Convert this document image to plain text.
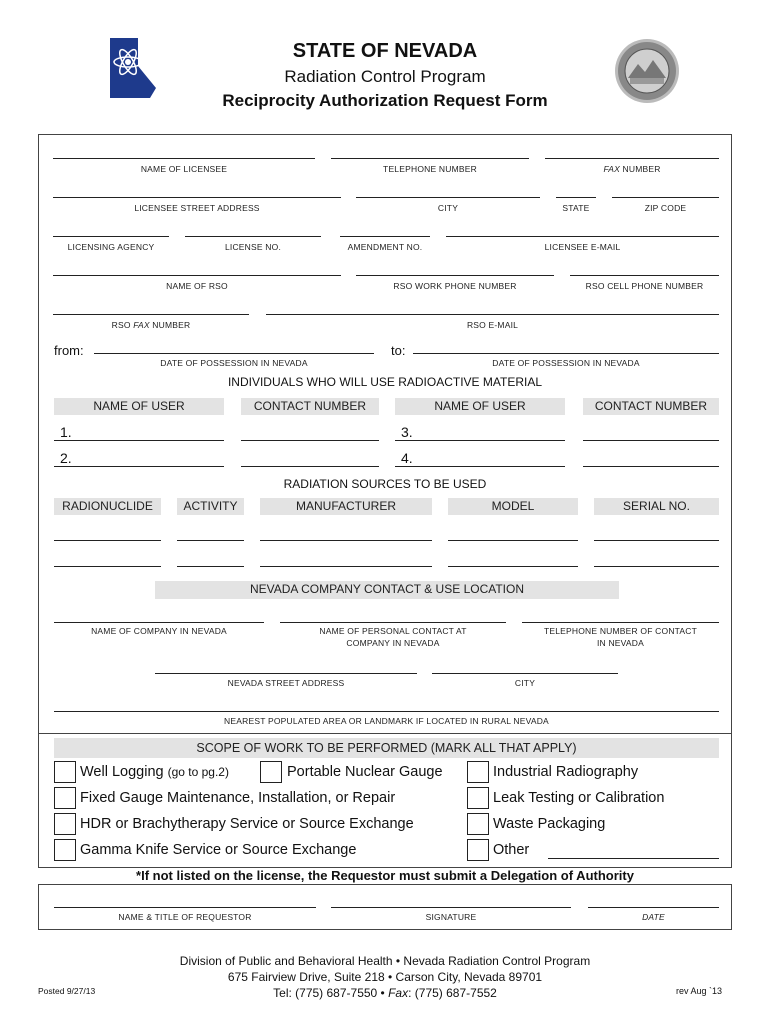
STATE OF NEVADA
Radiation Control Program
Reciprocity Authorization Request Form
NAME OF LICENSEE	TELEPHONE NUMBER	FAX NUMBER
LICENSEE STREET ADDRESS	CITY	STATE	ZIP CODE
LICENSING AGENCY	LICENSE NO.	AMENDMENT NO.	LICENSEE E-MAIL
NAME OF RSO	RSO WORK PHONE NUMBER	RSO CELL PHONE NUMBER
RSO FAX NUMBER	RSO E-MAIL
from:
DATE OF POSSESSION IN NEVADA
to:
DATE OF POSSESSION IN NEVADA
INDIVIDUALS WHO WILL USE RADIOACTIVE MATERIAL
NAME OF USER	CONTACT NUMBER	NAME OF USER	CONTACT NUMBER
1.	3.
2.	4.
RADIATION SOURCES TO BE USED
RADIONUCLIDE	ACTIVITY	MANUFACTURER	MODEL	SERIAL NO.
NEVADA COMPANY CONTACT & USE LOCATION
NAME OF COMPANY IN NEVADA	NAME OF PERSONAL CONTACT AT
COMPANY IN NEVADA
TELEPHONE NUMBER OF CONTACT
IN NEVADA
NEVADA STREET ADDRESS	CITY
NEAREST POPULATED AREA OR LANDMARK IF LOCATED IN RURAL NEVADA
SCOPE OF WORK TO BE PERFORMED (MARK ALL THAT APPLY)
Well Logging (go to pg.2)	Portable Nuclear Gauge	Industrial Radiography
Fixed Gauge Maintenance, Installation, or Repair	Leak Testing or Calibration
HDR or Brachytherapy Service or Source Exchange	Waste Packaging
Gamma Knife Service or Source Exchange	Other
*If not listed on the license, the Requestor must submit a Delegation of Authority
NAME & TITLE OF REQUESTOR	SIGNATURE	DATE
Division of Public and Behavioral Health • Nevada Radiation Control Program
675 Fairview Drive, Suite 218 • Carson City, Nevada 89701
Tel: (775) 687-7550 • Fax: (775) 687-7552
Posted 9/27/13	rev Aug `13
